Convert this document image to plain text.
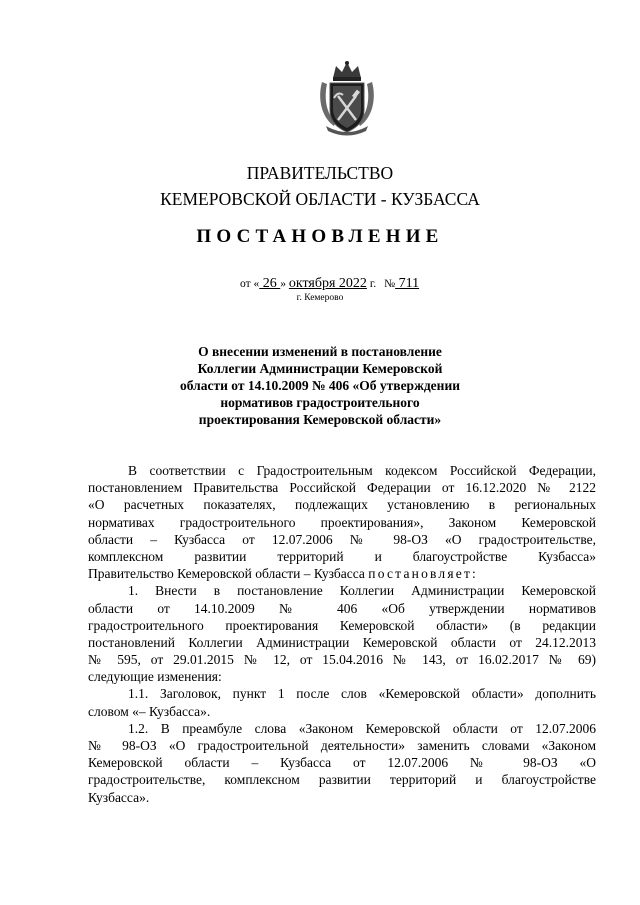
ПРАВИТЕЛЬСТВО
КЕМЕРОВСКОЙ ОБЛАСТИ - КУЗБАССА
ПОСТАНОВЛЕНИЕ
от « 26 » октября 2022 г. № 711
г. Кемерово
О внесении изменений в постановление
Коллегии Администрации Кемеровской
области от 14.10.2009 № 406 «Об утверждении
нормативов градостроительного
проектирования Кемеровской области»
В соответствии с Градостроительным кодексом Российской Федерации,
постановлением Правительства Российской Федерации от 16.12.2020 № 2122
«О расчетных показателях, подлежащих установлению в региональных
нормативах градостроительного проектирования», Законом Кемеровской
области – Кузбасса от 12.07.2006 № 98-ОЗ «О градостроительстве,
комплексном развитии территорий и благоустройстве Кузбасса»
Правительство Кемеровской области – Кузбасса постановляет:
1. Внести в постановление Коллегии Администрации Кемеровской
области от 14.10.2009 № 406 «Об утверждении нормативов
градостроительного проектирования Кемеровской области» (в редакции
постановлений Коллегии Администрации Кемеровской области от 24.12.2013
№ 595, от 29.01.2015 № 12, от 15.04.2016 № 143, от 16.02.2017 № 69)
следующие изменения:
1.1. Заголовок, пункт 1 после слов «Кемеровской области» дополнить
словом «– Кузбасса».
1.2. В преамбуле слова «Законом Кемеровской области от 12.07.2006
№ 98-ОЗ «О градостроительной деятельности» заменить словами «Законом
Кемеровской области – Кузбасса от 12.07.2006 № 98-ОЗ «О
градостроительстве, комплексном развитии территорий и благоустройстве
Кузбасса».
